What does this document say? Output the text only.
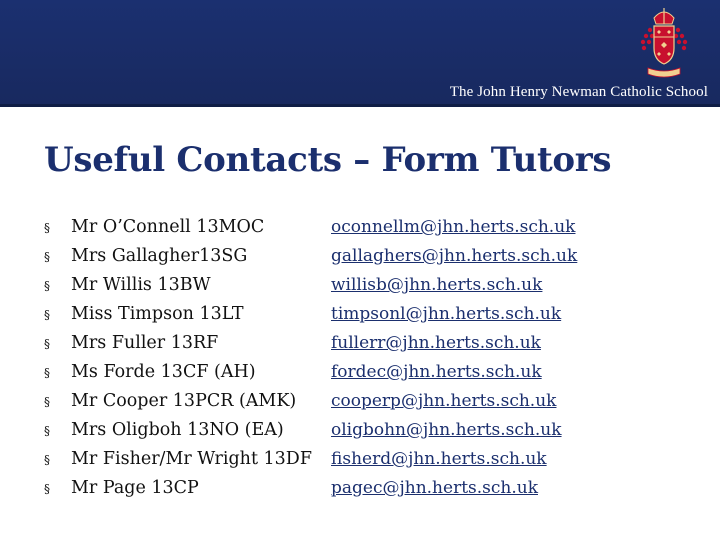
The John Henry Newman Catholic School
Useful Contacts – Form Tutors
§	Mr O’Connell 13MOC	oconnellm@jhn.herts.sch.uk
§	Mrs Gallagher13SG	gallaghers@jhn.herts.sch.uk
§	Mr Willis 13BW	willisb@jhn.herts.sch.uk
§	Miss Timpson 13LT	timpsonl@jhn.herts.sch.uk
§	Mrs Fuller 13RF	fullerr@jhn.herts.sch.uk
§	Ms Forde 13CF (AH)	fordec@jhn.herts.sch.uk
§	Mr Cooper 13PCR (AMK)	cooperp@jhn.herts.sch.uk
§	Mrs Oligboh 13NO (EA)	oligbohn@jhn.herts.sch.uk
§	Mr Fisher/Mr Wright 13DF	fisherd@jhn.herts.sch.uk
§	Mr Page 13CP	pagec@jhn.herts.sch.uk
